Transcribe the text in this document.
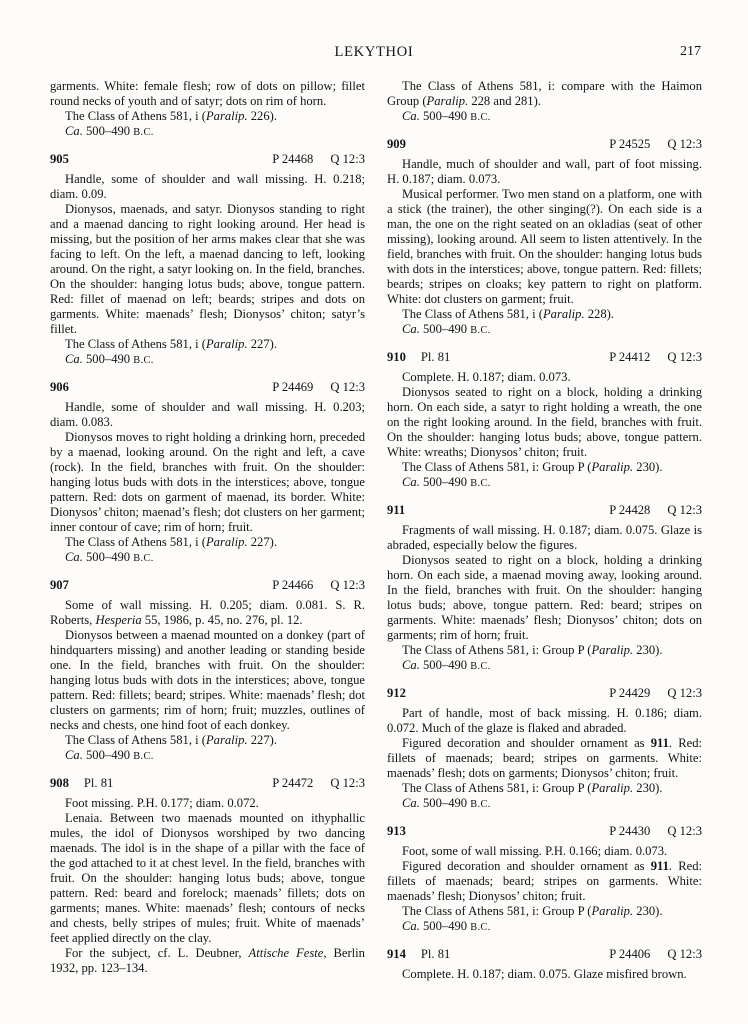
LEKYTHOI	217

garments. White: female flesh; row of dots on pillow; fillet round necks of youth and of satyr; dots on rim of horn.

The Class of Athens 581, i (Paralip. 226).

Ca. 500–490 B.C.

905	P 24468 Q 12:3

Handle, some of shoulder and wall missing. H. 0.218; diam. 0.09.

Dionysos, maenads, and satyr. Dionysos standing to right and a maenad dancing to right looking around. Her head is missing, but the position of her arms makes clear that she was facing to left. On the left, a maenad dancing to left, looking around. On the right, a satyr looking on. In the field, branches. On the shoulder: hanging lotus buds; above, tongue pattern. Red: fillet of maenad on left; beards; stripes and dots on garments. White: maenads’ flesh; Dionysos’ chiton; satyr’s fillet.

The Class of Athens 581, i (Paralip. 227).

Ca. 500–490 B.C.

906	P 24469 Q 12:3

Handle, some of shoulder and wall missing. H. 0.203; diam. 0.083.

Dionysos moves to right holding a drinking horn, preceded by a maenad, looking around. On the right and left, a cave (rock). In the field, branches with fruit. On the shoulder: hanging lotus buds with dots in the interstices; above, tongue pattern. Red: dots on garment of maenad, its border. White: Dionysos’ chiton; maenad’s flesh; dot clusters on her garment; inner contour of cave; rim of horn; fruit.

The Class of Athens 581, i (Paralip. 227).

Ca. 500–490 B.C.

907	P 24466 Q 12:3

Some of wall missing. H. 0.205; diam. 0.081. S. R. Roberts, Hesperia 55, 1986, p. 45, no. 276, pl. 12.

Dionysos between a maenad mounted on a donkey (part of hindquarters missing) and another leading or standing beside one. In the field, branches with fruit. On the shoulder: hanging lotus buds with dots in the interstices; above, tongue pattern. Red: fillets; beard; stripes. White: maenads’ flesh; dot clusters on garments; rim of horn; fruit; muzzles, outlines of necks and chests, one hind foot of each donkey.

The Class of Athens 581, i (Paralip. 227).

Ca. 500–490 B.C.

908 Pl. 81	P 24472 Q 12:3

Foot missing. P.H. 0.177; diam. 0.072.

Lenaia. Between two maenads mounted on ithyphallic mules, the idol of Dionysos worshiped by two dancing maenads. The idol is in the shape of a pillar with the face of the god attached to it at chest level. In the field, branches with fruit. On the shoulder: hanging lotus buds; above, tongue pattern. Red: beard and forelock; maenads’ fillets; dots on garments; manes. White: maenads’ flesh; contours of necks and chests, belly stripes of mules; fruit. White of maenads’ feet applied directly on the clay.

For the subject, cf. L. Deubner, Attische Feste, Berlin 1932, pp. 123–134.

The Class of Athens 581, i: compare with the Haimon Group (Paralip. 228 and 281).

Ca. 500–490 B.C.

909	P 24525 Q 12:3

Handle, much of shoulder and wall, part of foot missing. H. 0.187; diam. 0.073.

Musical performer. Two men stand on a platform, one with a stick (the trainer), the other singing(?). On each side is a man, the one on the right seated on an okladias (seat of other missing), looking around. All seem to listen attentively. In the field, branches with fruit. On the shoulder: hanging lotus buds with dots in the interstices; above, tongue pattern. Red: fillets; beards; stripes on cloaks; key pattern to right on platform. White: dot clusters on garment; fruit.

The Class of Athens 581, i (Paralip. 228).

Ca. 500–490 B.C.

910 Pl. 81	P 24412 Q 12:3

Complete. H. 0.187; diam. 0.073.

Dionysos seated to right on a block, holding a drinking horn. On each side, a satyr to right holding a wreath, the one on the right looking around. In the field, branches with fruit. On the shoulder: hanging lotus buds; above, tongue pattern. White: wreaths; Dionysos’ chiton; fruit.

The Class of Athens 581, i: Group P (Paralip. 230).

Ca. 500–490 B.C.

911	P 24428 Q 12:3

Fragments of wall missing. H. 0.187; diam. 0.075. Glaze is abraded, especially below the figures.

Dionysos seated to right on a block, holding a drinking horn. On each side, a maenad moving away, looking around. In the field, branches with fruit. On the shoulder: hanging lotus buds; above, tongue pattern. Red: beard; stripes on garments. White: maenads’ flesh; Dionysos’ chiton; dots on garments; rim of horn; fruit.

The Class of Athens 581, i: Group P (Paralip. 230).

Ca. 500–490 B.C.

912	P 24429 Q 12:3

Part of handle, most of back missing. H. 0.186; diam. 0.072. Much of the glaze is flaked and abraded.

Figured decoration and shoulder ornament as 911. Red: fillets of maenads; beard; stripes on garments. White: maenads’ flesh; dots on garments; Dionysos’ chiton; fruit.

The Class of Athens 581, i: Group P (Paralip. 230).

Ca. 500–490 B.C.

913	P 24430 Q 12:3

Foot, some of wall missing. P.H. 0.166; diam. 0.073.

Figured decoration and shoulder ornament as 911. Red: fillets of maenads; beard; stripes on garments. White: maenads’ flesh; Dionysos’ chiton; fruit.

The Class of Athens 581, i: Group P (Paralip. 230).

Ca. 500–490 B.C.

914 Pl. 81	P 24406 Q 12:3

Complete. H. 0.187; diam. 0.075. Glaze misfired brown.
